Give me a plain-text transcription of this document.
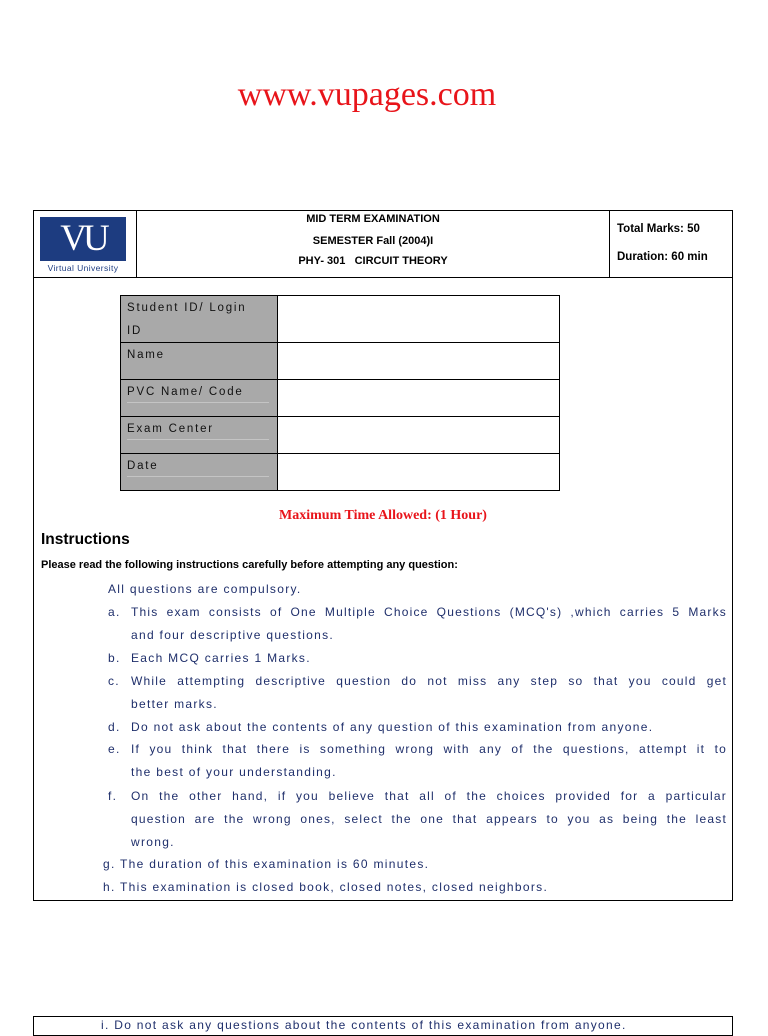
www.vupages.com
VU
Virtual University
MID TERM EXAMINATION
SEMESTER Fall (2004)I
PHY- 301   CIRCUIT THEORY
Total Marks: 50
Duration: 60 min
Student ID/ Login
ID
Name
PVC Name/ Code
Exam Center
Date
Maximum Time Allowed: (1 Hour)
Instructions
Please read the following instructions carefully before attempting any question:
All questions are compulsory.
a. This exam consists of One Multiple Choice Questions (MCQ's) ,which carries 5 Marks
and four descriptive questions.
b. Each MCQ carries 1 Marks.
c. While attempting descriptive question do not miss any step so that you could get
better marks.
d. Do not ask about the contents of any question of this examination from anyone.
e. If you think that there is something wrong with any of the questions, attempt it to
the best of your understanding.
f. On the other hand, if you believe that all of the choices provided for a particular
question are the wrong ones, select the one that appears to you as being the least
wrong.
g. The duration of this examination is 60 minutes.
h. This examination is closed book, closed notes, closed neighbors.
i. Do not ask any questions about the contents of this examination from anyone.
